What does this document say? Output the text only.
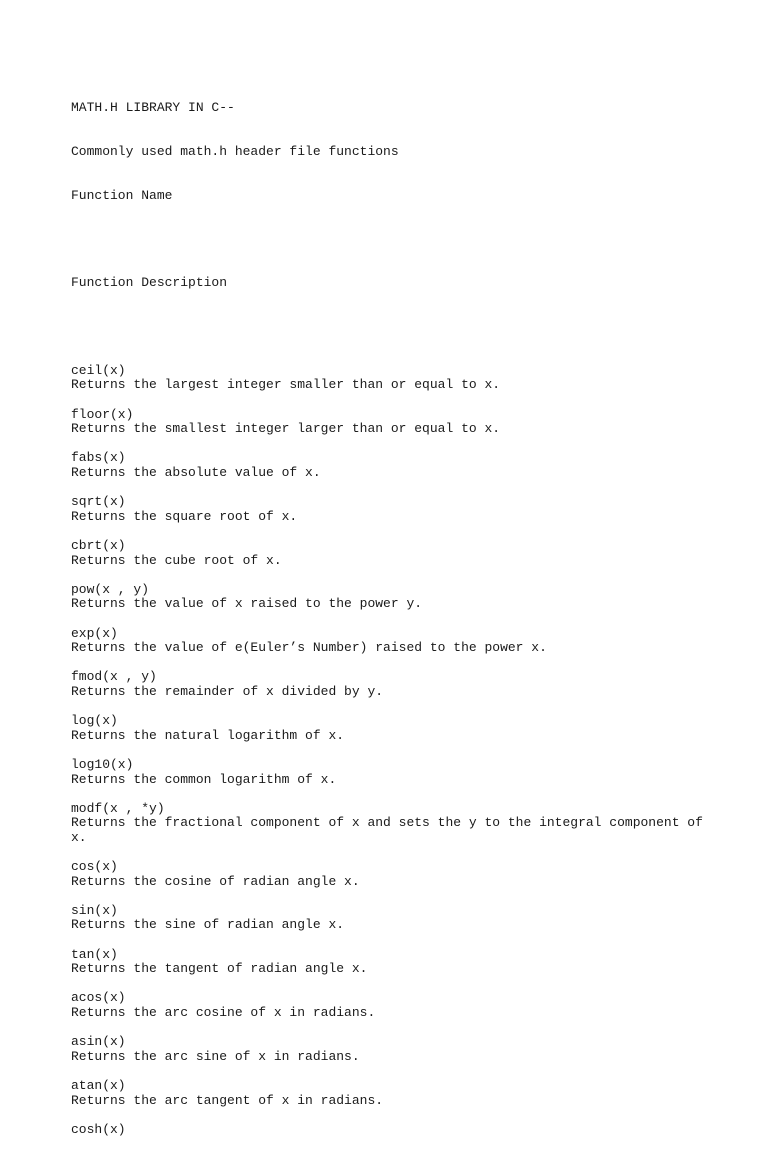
MATH.H LIBRARY IN C--

Commonly used math.h header file functions

Function Name

Function Description

ceil(x)
Returns the largest integer smaller than or equal to x.
floor(x)
Returns the smallest integer larger than or equal to x.
fabs(x)
Returns the absolute value of x.
sqrt(x)
Returns the square root of x.
cbrt(x)
Returns the cube root of x.
pow(x , y)
Returns the value of x raised to the power y.
exp(x)
Returns the value of e(Euler’s Number) raised to the power x.
fmod(x , y)
Returns the remainder of x divided by y.
log(x)
Returns the natural logarithm of x.
log10(x)
Returns the common logarithm of x.
modf(x , *y)
Returns the fractional component of x and sets the y to the integral component of x.
cos(x)
Returns the cosine of radian angle x.
sin(x)
Returns the sine of radian angle x.
tan(x)
Returns the tangent of radian angle x.
acos(x)
Returns the arc cosine of x in radians.
asin(x)
Returns the arc sine of x in radians.
atan(x)
Returns the arc tangent of x in radians.
cosh(x)
